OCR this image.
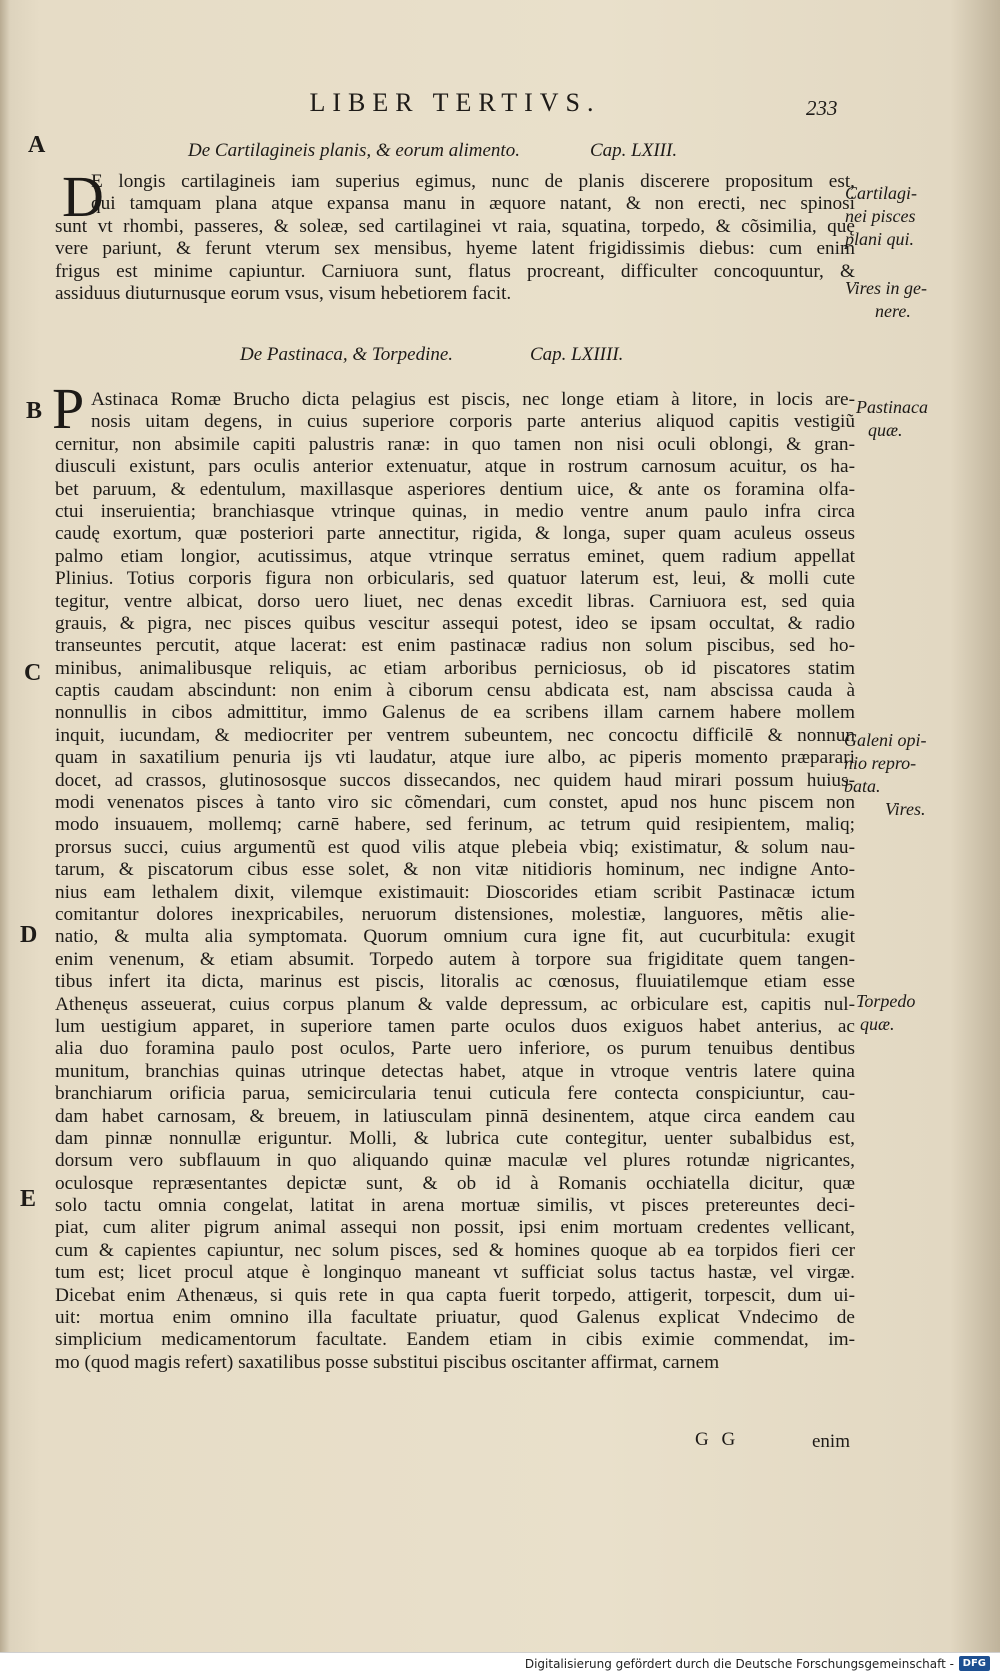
LIBER TERTIVS.	233
A
B
C
D
E
De Cartilagineis planis, & eorum alimento.	Cap. LXIII.
D
E longis cartilagineis iam superius egimus, nunc de planis discerere propositum est,
qui tamquam plana atque expansa manu in æquore natant, & non erecti, nec spinosi
sunt vt rhombi, passeres, & soleæ, sed cartilaginei vt raia, squatina, torpedo, & cõsimilia, quę
vere pariunt, & ferunt vterum sex mensibus, hyeme latent frigidissimis diebus: cum enim
frigus est minime capiuntur. Carniuora sunt, flatus procreant, difficulter concoquuntur, &
assiduus diuturnusque eorum vsus, visum hebetiorem facit.
De Pastinaca, & Torpedine.	Cap. LXIIII.
P Astinaca Romæ Brucho dicta pelagius est piscis, nec longe etiam à litore, in locis are-
nosis uitam degens, in cuius superiore corporis parte anterius aliquod capitis vestigiũ
cernitur, non absimile capiti palustris ranæ: in quo tamen non nisi oculi oblongi, & gran-
diusculi existunt, pars oculis anterior extenuatur, atque in rostrum carnosum acuitur, os ha-
bet paruum, & edentulum, maxillasque asperiores dentium uice, & ante os foramina olfa-
ctui inseruientia; branchiasque vtrinque quinas, in medio ventre anum paulo infra circa
caudę exortum, quæ posteriori parte annectitur, rigida, & longa, super quam aculeus osseus
palmo etiam longior, acutissimus, atque vtrinque serratus eminet, quem radium appellat
Plinius. Totius corporis figura non orbicularis, sed quatuor laterum est, leui, & molli cute
tegitur, ventre albicat, dorso uero liuet, nec denas excedit libras. Carniuora est, sed quia
grauis, & pigra, nec pisces quibus vescitur assequi potest, ideo se ipsam occultat, & radio
transeuntes percutit, atque lacerat: est enim pastinacæ radius non solum piscibus, sed ho-
minibus, animalibusque reliquis, ac etiam arboribus perniciosus, ob id piscatores statim
captis caudam abscindunt: non enim à ciborum censu abdicata est, nam abscissa cauda à
nonnullis in cibos admittitur, immo Galenus de ea scribens illam carnem habere mollem
inquit, iucundam, & mediocriter per ventrem subeuntem, nec concoctu difficilē & nonnun
quam in saxatilium penuria ijs vti laudatur, atque iure albo, ac piperis momento præparari
docet, ad crassos, glutinososque succos dissecandos, nec quidem haud mirari possum huius-
modi venenatos pisces à tanto viro sic cõmendari, cum constet, apud nos hunc piscem non
modo insuauem, mollemq; carnē habere, sed ferinum, ac tetrum quid resipientem, maliq;
prorsus succi, cuius argumentũ est quod vilis atque plebeia vbiq; existimatur, & solum nau-
tarum, & piscatorum cibus esse solet, & non vitæ nitidioris hominum, nec indigne Anto-
nius eam lethalem dixit, vilemque existimauit: Dioscorides etiam scribit Pastinacæ ictum
comitantur dolores inexpricabiles, neruorum distensiones, molestiæ, languores, mẽtis alie-
natio, & multa alia symptomata. Quorum omnium cura igne fit, aut cucurbitula: exugit
enim venenum, & etiam absumit. Torpedo autem à torpore sua frigiditate quem tangen-
tibus infert ita dicta, marinus est piscis, litoralis ac cœnosus, fluuiatilemque etiam esse
Athenęus asseuerat, cuius corpus planum & valde depressum, ac orbiculare est, capitis nul-
lum uestigium apparet, in superiore tamen parte oculos duos exiguos habet anterius, ac
alia duo foramina paulo post oculos, Parte uero inferiore, os purum tenuibus dentibus
munitum, branchias quinas utrinque detectas habet, atque in vtroque ventris latere quina
branchiarum orificia parua, semicircularia tenui cuticula fere contecta conspiciuntur, cau-
dam habet carnosam, & breuem, in latiusculam pinnā desinentem, atque circa eandem cau
dam pinnæ nonnullæ eriguntur. Molli, & lubrica cute contegitur, uenter subalbidus est,
dorsum vero subflauum in quo aliquando quinæ maculæ vel plures rotundæ nigricantes,
oculosque repræsentantes depictæ sunt, & ob id à Romanis occhiatella dicitur, quæ
solo tactu omnia congelat, latitat in arena mortuæ similis, vt pisces pretereuntes deci-
piat, cum aliter pigrum animal assequi non possit, ipsi enim mortuam credentes vellicant,
cum & capientes capiuntur, nec solum pisces, sed & homines quoque ab ea torpidos fieri cer
tum est; licet procul atque è longinquo maneant vt sufficiat solus tactus hastæ, vel virgæ.
Dicebat enim Athenæus, si quis rete in qua capta fuerit torpedo, attigerit, torpescit, dum ui-
uit: mortua enim omnino illa facultate priuatur, quod Galenus explicat Vndecimo de
simplicium medicamentorum facultate. Eandem etiam in cibis eximie commendat, im-
mo (quod magis refert) saxatilibus posse substitui piscibus oscitanter affirmat, carnem
Cartilagi-
nei pisces
plani qui.
Vires in ge-
nere.
Pastinaca
quæ.
Galeni opi-
nio repro-
bata.
Vires.
Torpedo
quæ.
G G	enim
Digitalisierung gefördert durch die Deutsche Forschungsgemeinschaft - DFG
